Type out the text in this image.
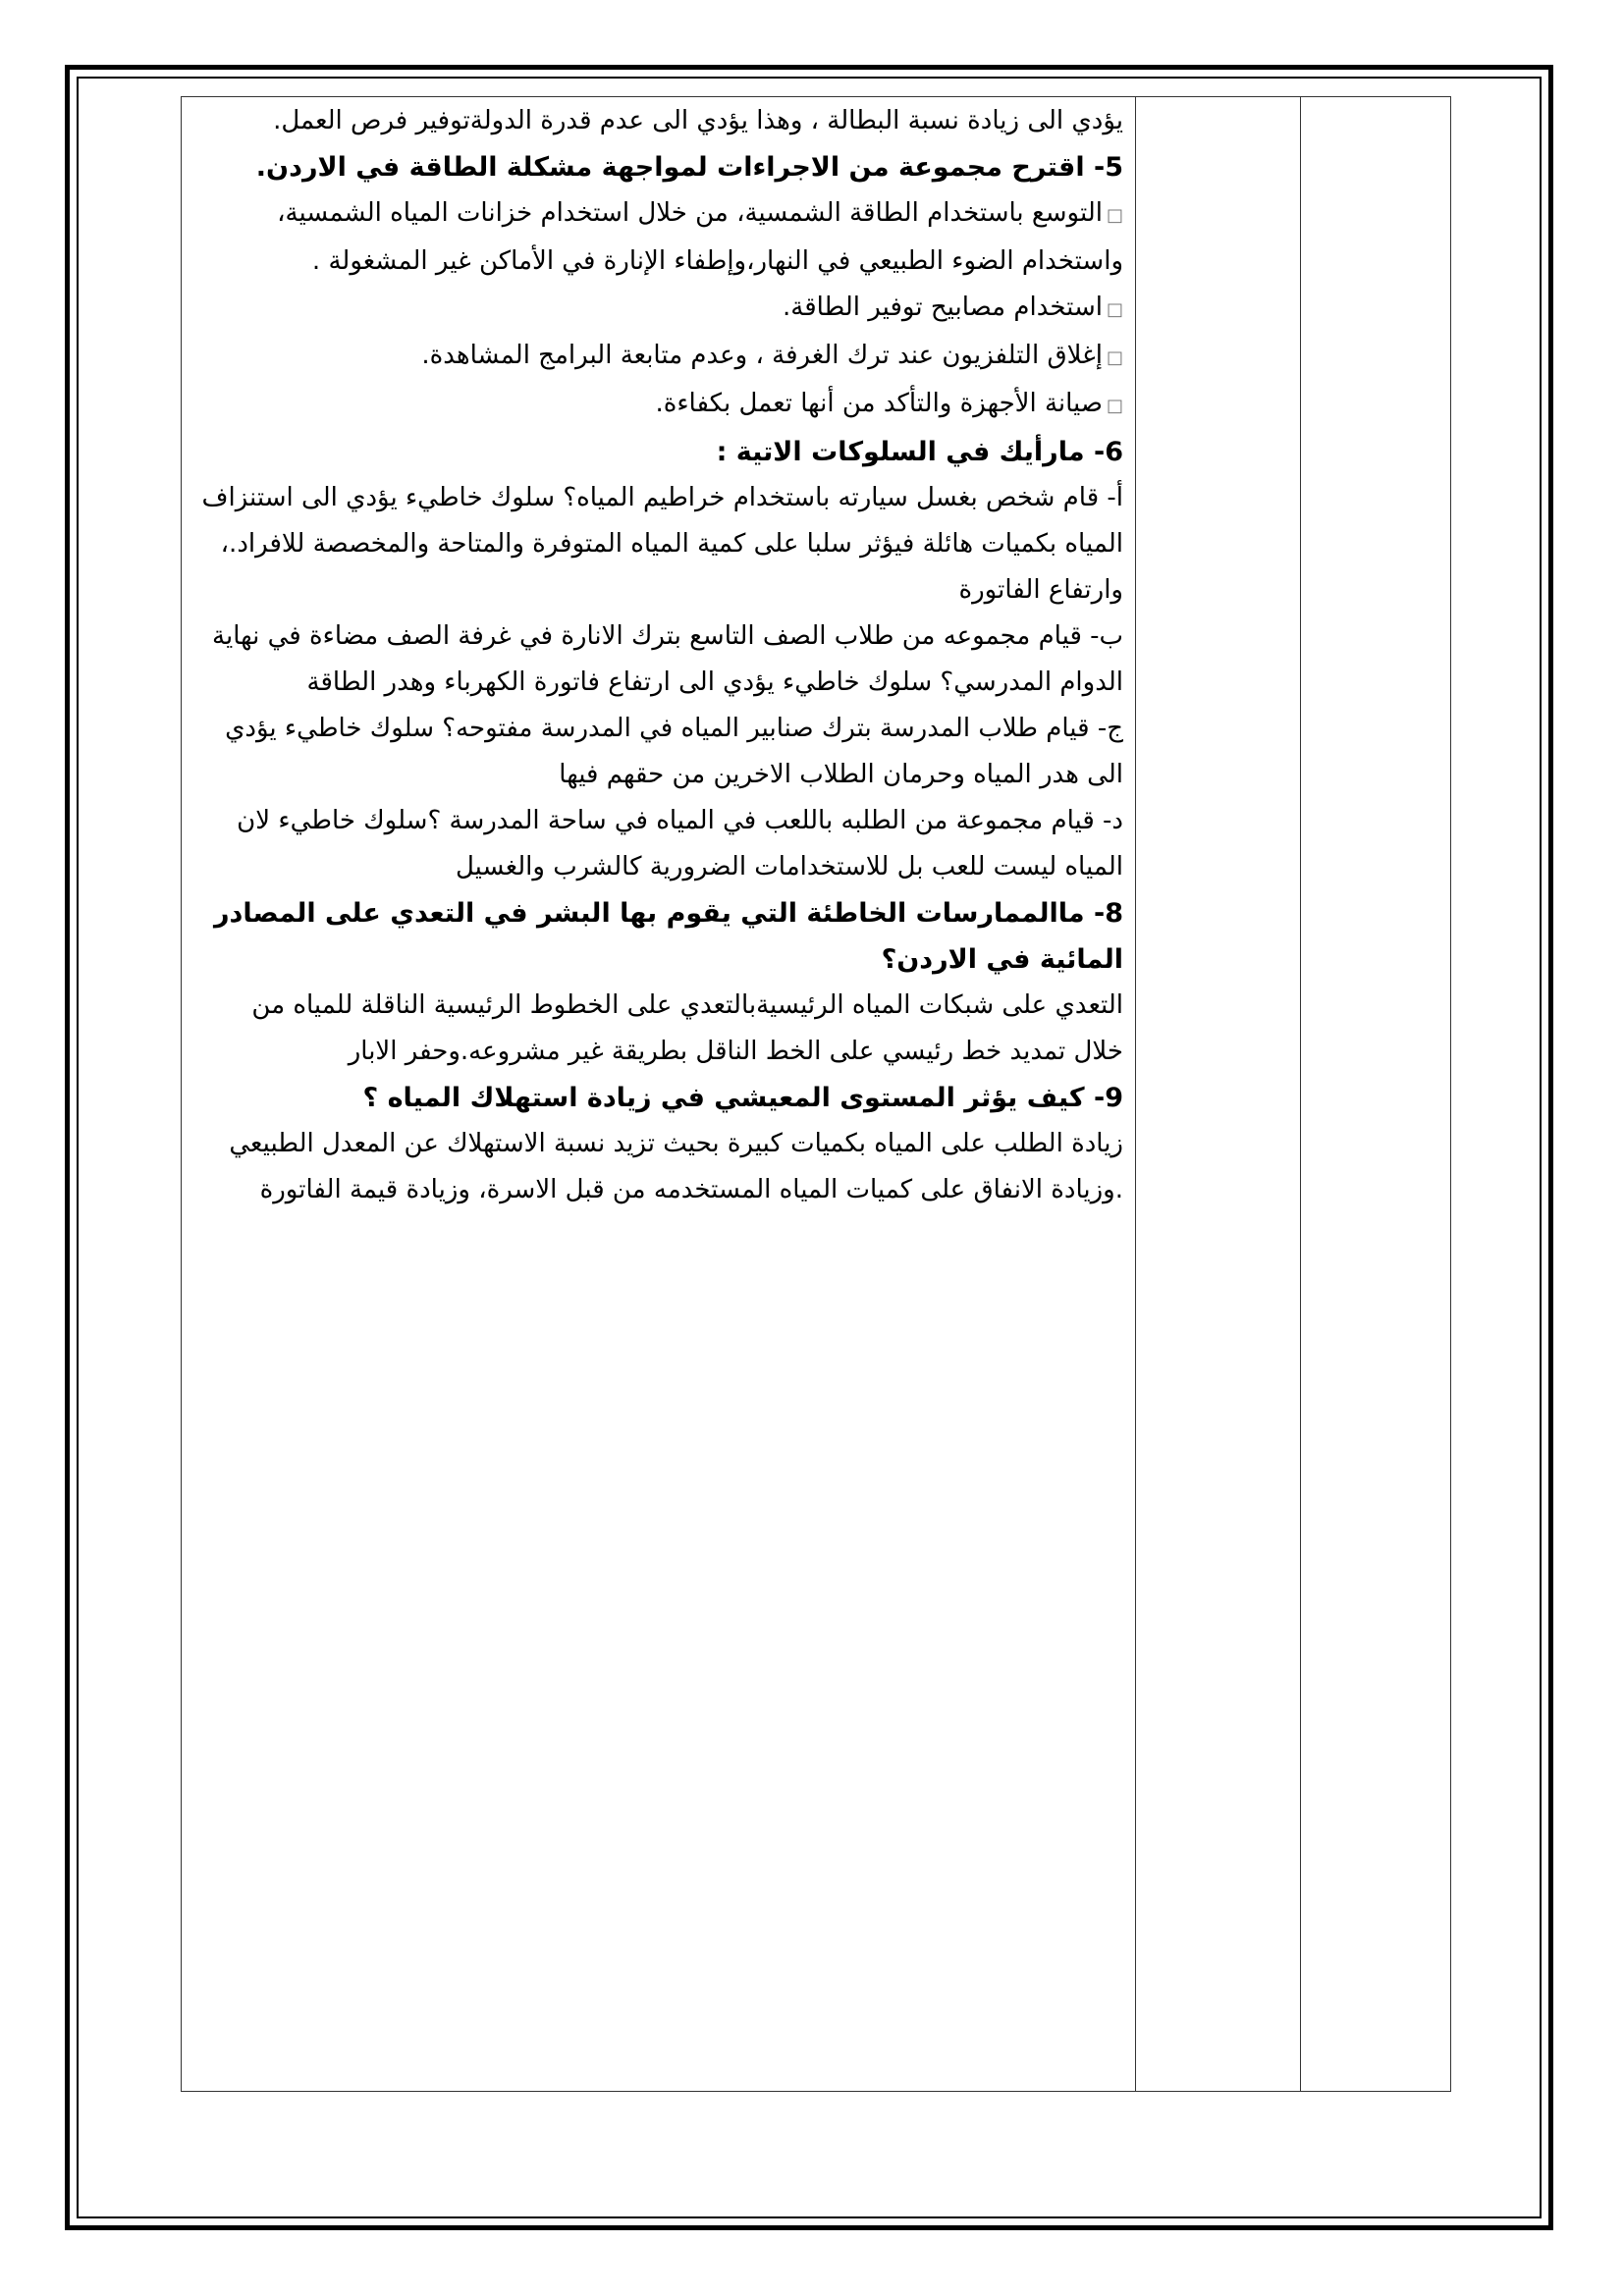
يؤدي الى زيادة نسبة البطالة ، وهذا يؤدي الى عدم قدرة الدولةتوفير فرص العمل.

5- اقترح مجموعة من الاجراءات لمواجهة مشكلة الطاقة في الاردن.

□ التوسع باستخدام الطاقة الشمسية، من خلال استخدام خزانات المياه الشمسية، واستخدام الضوء الطبيعي في النهار،وإطفاء الإنارة في الأماكن غير المشغولة .

□ استخدام مصابيح توفير الطاقة.

□ إغلاق التلفزيون عند ترك الغرفة ، وعدم متابعة البرامج المشاهدة.

□ صيانة الأجهزة والتأكد من أنها تعمل بكفاءة.

6- مارأيك في السلوكات الاتية :

أ- قام شخص بغسل سيارته باستخدام خراطيم المياه؟ سلوك خاطيء يؤدي الى استنزاف المياه بكميات هائلة فيؤثر سلبا على كمية المياه المتوفرة والمتاحة والمخصصة للافراد.، وارتفاع الفاتورة

ب- قيام مجموعه من طلاب الصف التاسع بترك الانارة في غرفة الصف مضاءة في نهاية الدوام المدرسي؟ سلوك خاطيء يؤدي الى ارتفاع فاتورة الكهرباء وهدر الطاقة

ج- قيام طلاب المدرسة بترك صنابير المياه في المدرسة مفتوحه؟ سلوك خاطيء يؤدي الى هدر المياه وحرمان الطلاب الاخرين من حقهم فيها

د- قيام مجموعة من الطلبه باللعب في المياه في ساحة المدرسة ؟سلوك خاطيء لان المياه ليست للعب بل للاستخدامات الضرورية كالشرب والغسيل

8- ماالممارسات الخاطئة التي يقوم بها البشر في التعدي على المصادر المائية في الاردن؟

التعدي على شبكات المياه الرئيسيةبالتعدي على الخطوط الرئيسية الناقلة للمياه من خلال تمديد خط رئيسي على الخط الناقل بطريقة غير مشروعه.وحفر الابار

9- كيف يؤثر المستوى المعيشي في زيادة استهلاك المياه ؟

زيادة الطلب على المياه بكميات كبيرة بحيث تزيد نسبة الاستهلاك عن المعدل الطبيعي .وزيادة الانفاق على كميات المياه المستخدمه من قبل الاسرة، وزيادة قيمة الفاتورة
